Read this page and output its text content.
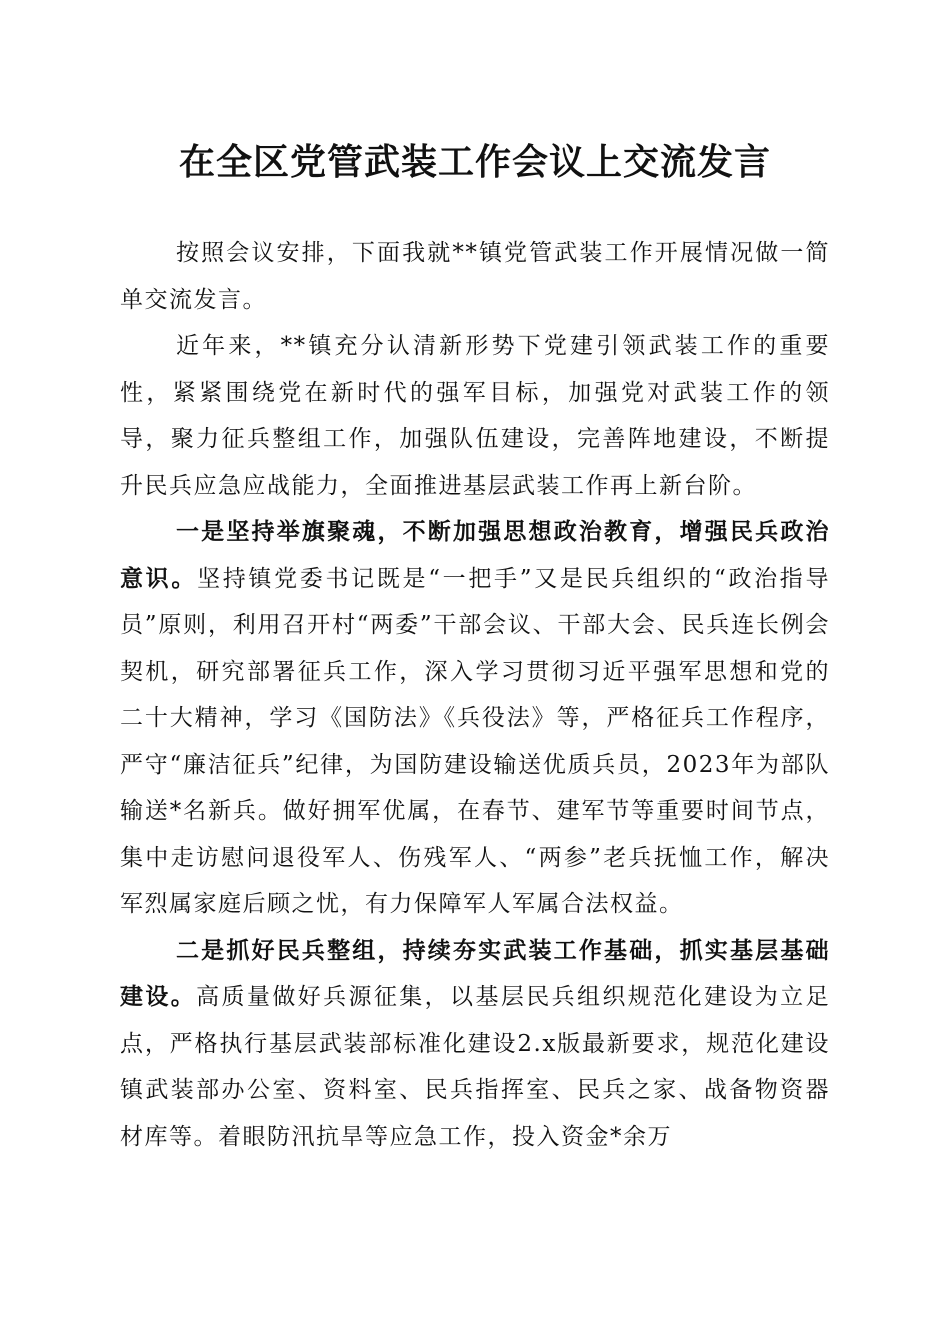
在全区党管武装工作会议上交流发言

按照会议安排，下面我就**镇党管武装工作开展情况做一简单交流发言。

近年来，**镇充分认清新形势下党建引领武装工作的重要性，紧紧围绕党在新时代的强军目标，加强党对武装工作的领导，聚力征兵整组工作，加强队伍建设，完善阵地建设，不断提升民兵应急应战能力，全面推进基层武装工作再上新台阶。

一是坚持举旗聚魂，不断加强思想政治教育，增强民兵政治意识。坚持镇党委书记既是“一把手”又是民兵组织的“政治指导员”原则，利用召开村“两委”干部会议、干部大会、民兵连长例会契机，研究部署征兵工作，深入学习贯彻习近平强军思想和党的二十大精神，学习《国防法》《兵役法》等，严格征兵工作程序，严守“廉洁征兵”纪律，为国防建设输送优质兵员，2023年为部队输送*名新兵。做好拥军优属，在春节、建军节等重要时间节点，集中走访慰问退役军人、伤残军人、“两参”老兵抚恤工作，解决军烈属家庭后顾之忧，有力保障军人军属合法权益。

二是抓好民兵整组，持续夯实武装工作基础，抓实基层基础建设。高质量做好兵源征集，以基层民兵组织规范化建设为立足点，严格执行基层武装部标准化建设2.x版最新要求，规范化建设镇武装部办公室、资料室、民兵指挥室、民兵之家、战备物资器材库等。着眼防汛抗旱等应急工作，投入资金*余万
